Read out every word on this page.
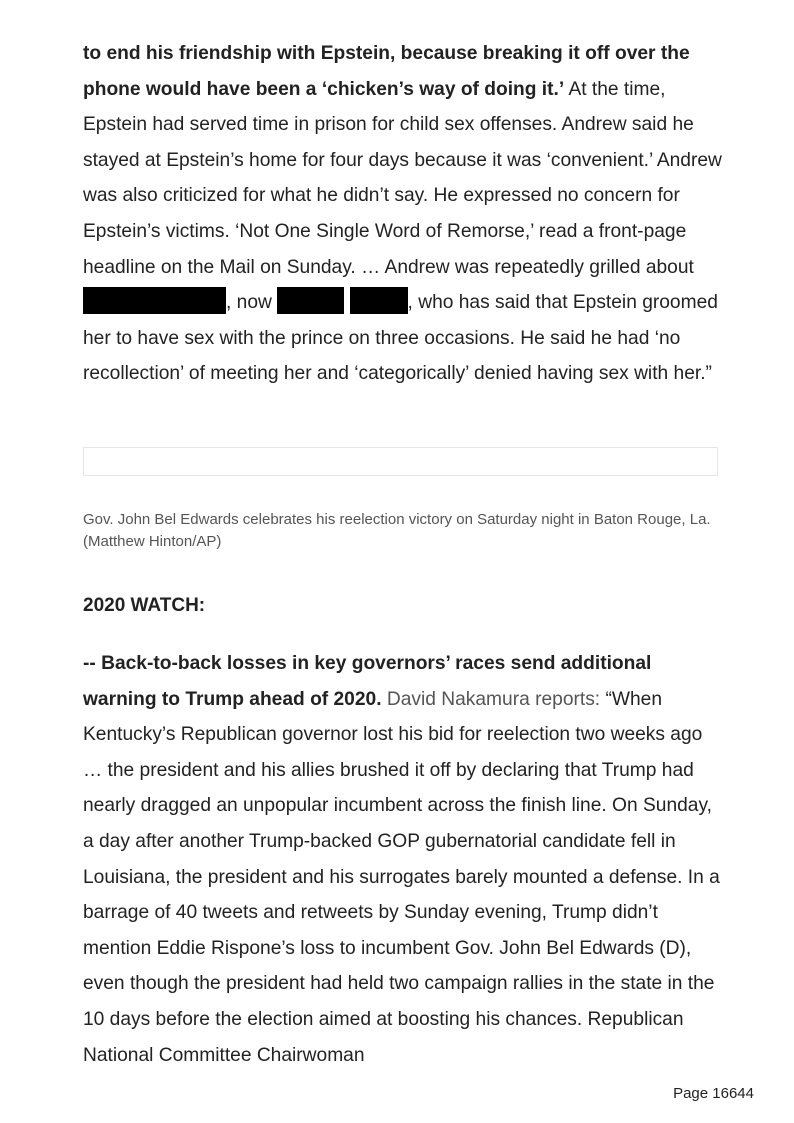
to end his friendship with Epstein, because breaking it off over the phone would have been a ‘chicken’s way of doing it.’ At the time, Epstein had served time in prison for child sex offenses. Andrew said he stayed at Epstein’s home for four days because it was ‘convenient.’ Andrew was also criticized for what he didn’t say. He expressed no concern for Epstein’s victims. ‘Not One Single Word of Remorse,’ read a front-page headline on the Mail on Sunday. … Andrew was repeatedly grilled about , now	, who has said that Epstein groomed her to have sex with the prince on three occasions. He said he had ‘no recollection’ of meeting her and ‘categorically’ denied having sex with her.”

Gov. John Bel Edwards celebrates his reelection victory on Saturday night in Baton Rouge, La. (Matthew Hinton/AP)
2020 WATCH:

-- Back-to-back losses in key governors’ races send additional warning to Trump ahead of 2020. David Nakamura reports: “When Kentucky’s Republican governor lost his bid for reelection two weeks ago … the president and his allies brushed it off by declaring that Trump had nearly dragged an unpopular incumbent across the finish line. On Sunday, a day after another Trump-backed GOP gubernatorial candidate fell in Louisiana, the president and his surrogates barely mounted a defense. In a barrage of 40 tweets and retweets by Sunday evening, Trump didn’t mention Eddie Rispone’s loss to incumbent Gov. John Bel Edwards (D), even though the president had held two campaign rallies in the state in the 10 days before the election aimed at boosting his chances. Republican National Committee Chairwoman

Page 16644
